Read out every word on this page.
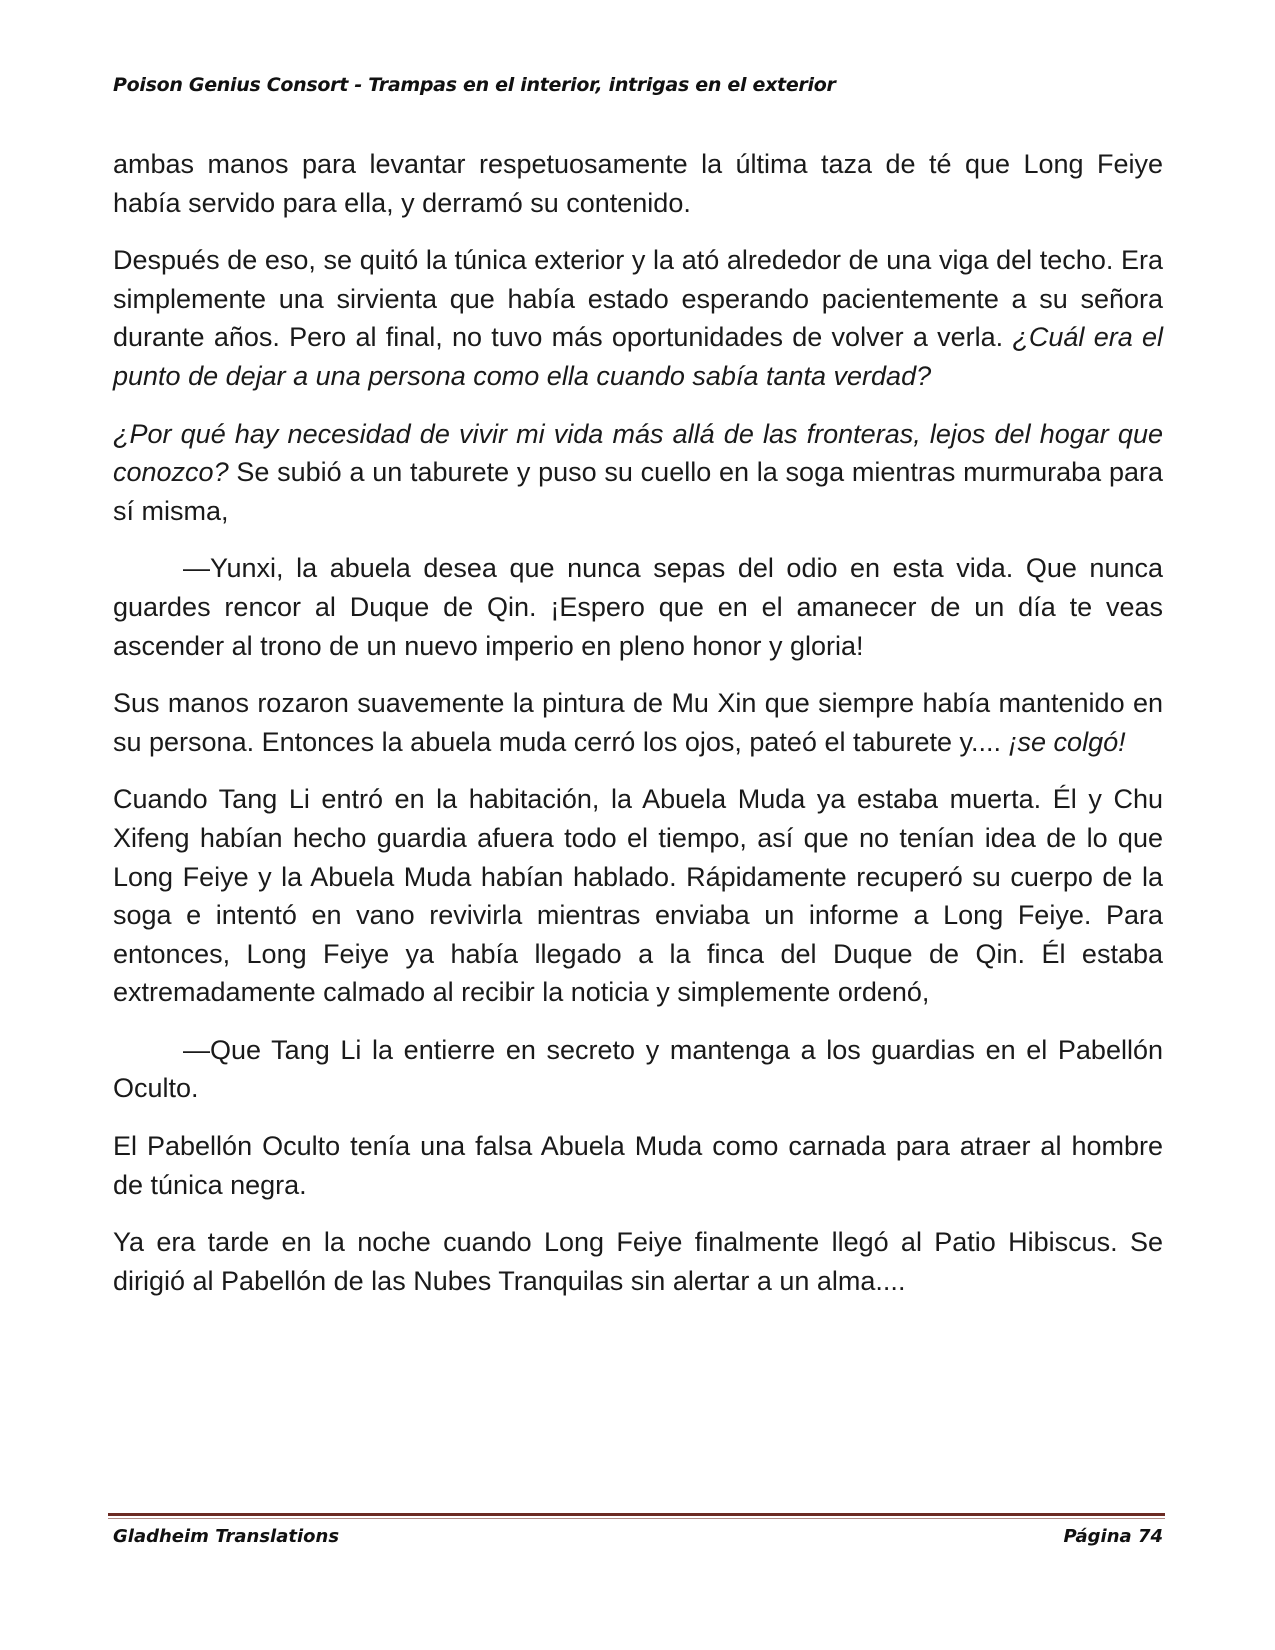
Poison Genius Consort - Trampas en el interior, intrigas en el exterior

ambas manos para levantar respetuosamente la última taza de té que Long Feiye había servido para ella, y derramó su contenido.

Después de eso, se quitó la túnica exterior y la ató alrededor de una viga del techo. Era simplemente una sirvienta que había estado esperando pacientemente a su señora durante años. Pero al final, no tuvo más oportunidades de volver a verla. ¿Cuál era el punto de dejar a una persona como ella cuando sabía tanta verdad?

¿Por qué hay necesidad de vivir mi vida más allá de las fronteras, lejos del hogar que conozco? Se subió a un taburete y puso su cuello en la soga mientras murmuraba para sí misma,

—Yunxi, la abuela desea que nunca sepas del odio en esta vida. Que nunca guardes rencor al Duque de Qin. ¡Espero que en el amanecer de un día te veas ascender al trono de un nuevo imperio en pleno honor y gloria!

Sus manos rozaron suavemente la pintura de Mu Xin que siempre había mantenido en su persona. Entonces la abuela muda cerró los ojos, pateó el taburete y.... ¡se colgó!

Cuando Tang Li entró en la habitación, la Abuela Muda ya estaba muerta. Él y Chu Xifeng habían hecho guardia afuera todo el tiempo, así que no tenían idea de lo que Long Feiye y la Abuela Muda habían hablado. Rápidamente recuperó su cuerpo de la soga e intentó en vano revivirla mientras enviaba un informe a Long Feiye. Para entonces, Long Feiye ya había llegado a la finca del Duque de Qin. Él estaba extremadamente calmado al recibir la noticia y simplemente ordenó,

—Que Tang Li la entierre en secreto y mantenga a los guardias en el Pabellón Oculto.

El Pabellón Oculto tenía una falsa Abuela Muda como carnada para atraer al hombre de túnica negra.

Ya era tarde en la noche cuando Long Feiye finalmente llegó al Patio Hibiscus. Se dirigió al Pabellón de las Nubes Tranquilas sin alertar a un alma....

Gladheim Translations	Página 74
